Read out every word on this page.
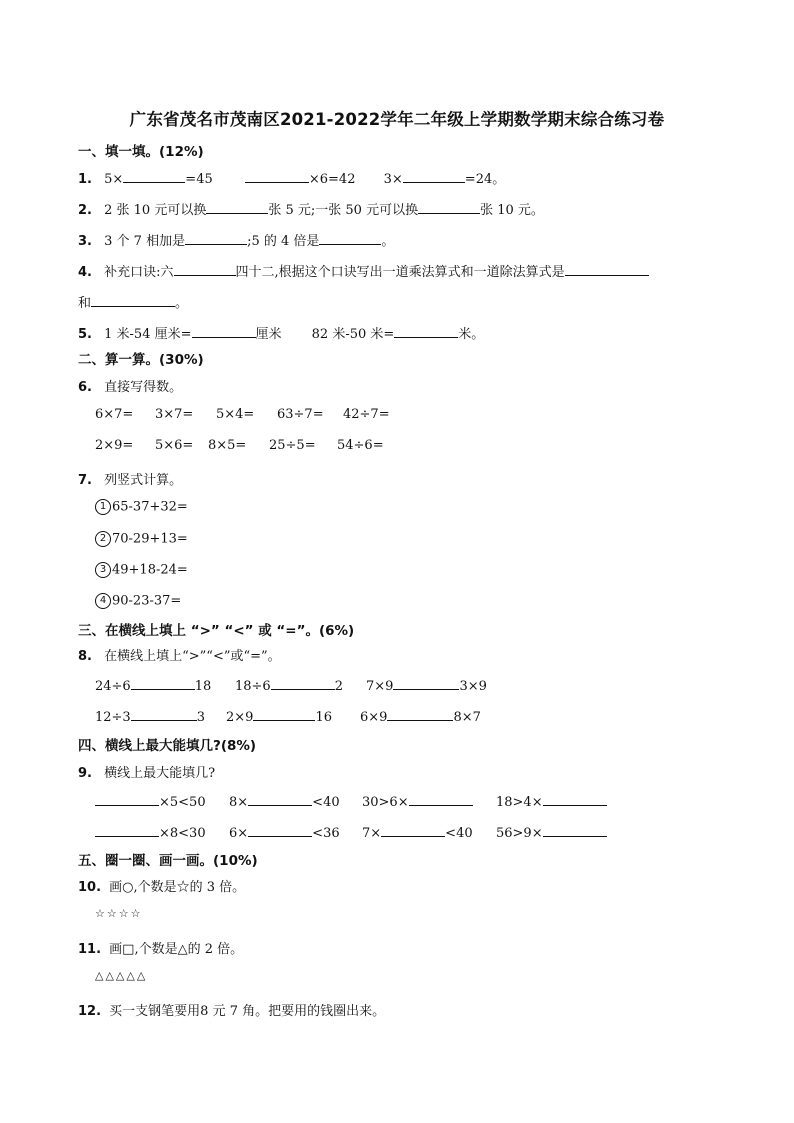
广东省茂名市茂南区2021-2022学年二年级上学期数学期末综合练习卷
一、填一填。(12%)
1. 5×	=45	×6=42 3×	=24。
2. 2 张 10 元可以换	张 5 元;一张 50 元可以换	张 10 元。
3. 3 个 7 相加是	;5 的 4 倍是	。
4. 补充口诀:六	四十二,根据这个口诀写出一道乘法算式和一道除法算式是
和	。
5. 1 米-54 厘米=	厘米 82 米-50 米=	米。
二、算一算。(30%)
6. 直接写得数。
6×7= 3×7= 5×4= 63÷7= 42÷7=
2×9= 5×6= 8×5= 25÷5= 54÷6=
7. 列竖式计算。
1 65-37+32=
2 70-29+13=
3 49+18-24=
4 90-23-37=
三、在横线上填上 “>” “<” 或 “=”。(6%)
8. 在横线上填上“>”“<”或“=”。
24÷6	18 18÷6	2 7×9	3×9
12÷3	3 2×9	16 6×9	8×7
四、横线上最大能填几?(8%)
9. 横线上最大能填几?
×5<50 8×	<40 30>6×	18>4×
×8<30 6×	<36 7×	<40 56>9×
五、圈一圈、画一画。(10%)
10. 画○,个数是☆的 3 倍。
☆☆☆☆
11. 画□,个数是△的 2 倍。
△△△△△
12. 买一支钢笔要用8 元 7 角。把要用的钱圈出来。
